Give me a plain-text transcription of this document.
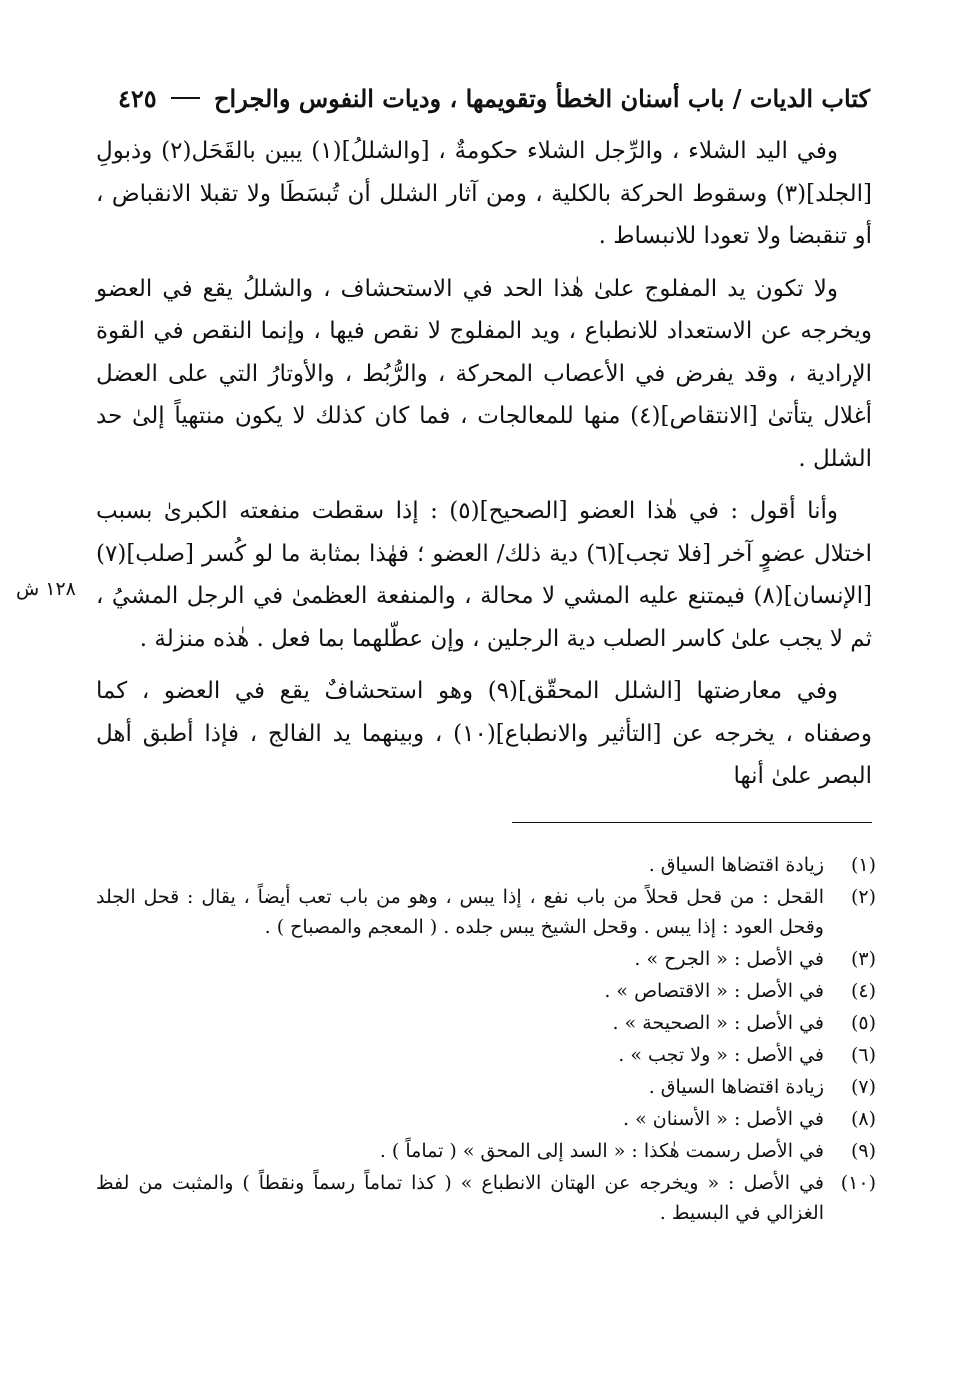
كتاب الديات / باب أسنان الخطأ وتقويمها ، وديات النفوس والجراح
٤٢٥
١٢٨ ش

وفي اليد الشلاء ، والرِّجل الشلاء حكومةٌ ، [والشللُ](١) يبين بالقَحَل(٢) وذبولِ [الجلد](٣) وسقوط الحركة بالكلية ، ومن آثار الشلل أن تُبسَطَا ولا تقبلا الانقباض ، أو تنقبضا ولا تعودا للانبساط .

ولا تكون يد المفلوج علىٰ هٰذا الحد في الاستحشاف ، والشللُ يقع في العضو ويخرجه عن الاستعداد للانطباع ، ويد المفلوج لا نقص فيها ، وإنما النقص في القوة الإرادية ، وقد يفرض في الأعصاب المحركة ، والرُّبُط ، والأوتارُ التي على العضل أغلال يتأتىٰ [الانتقاص](٤) منها للمعالجات ، فما كان كذلك لا يكون منتهياً إلىٰ حد الشلل .

وأنا أقول : في هٰذا العضو [الصحيح](٥) : إذا سقطت منفعته الكبرىٰ بسبب اختلال عضوٍ آخر [فلا تجب](٦) دية ذلك/ العضو ؛ فهٰذا بمثابة ما لو كُسر [صلب](٧) [الإنسان](٨) فيمتنع عليه المشي لا محالة ، والمنفعة العظمىٰ في الرجل المشيُ ، ثم لا يجب علىٰ كاسر الصلب دية الرجلين ، وإن عطّلهما بما فعل . هٰذه منزلة .

وفي معارضتها [الشلل المحقّق](٩) وهو استحشافٌ يقع في العضو ، كما وصفناه ، يخرجه عن [التأثير والانطباع](١٠) ، وبينهما يد الفالج ، فإذا أطبق أهل البصر علىٰ أنها

(١)
زيادة اقتضاها السياق .
(٢)
القحل : من قحل قحلاً من باب نفع ، إذا يبس ، وهو من باب تعب أيضاً ، يقال : قحل الجلد وقحل العود : إذا يبس . وقحل الشيخ يبس جلده . ( المعجم والمصباح ) .
(٣)
في الأصل : « الجرح » .
(٤)
في الأصل : « الاقتصاص » .
(٥)
في الأصل : « الصحيحة » .
(٦)
في الأصل : « ولا تجب » .
(٧)
زيادة اقتضاها السياق .
(٨)
في الأصل : « الأسنان » .
(٩)
في الأصل رسمت هٰكذا : « السد إلى المحق » ( تماماً ) .
(١٠)
في الأصل : « ويخرجه عن الهتان الانطباع » ( كذا تماماً رسماً ونقطاً ) والمثبت من لفظ الغزالي في البسيط .
